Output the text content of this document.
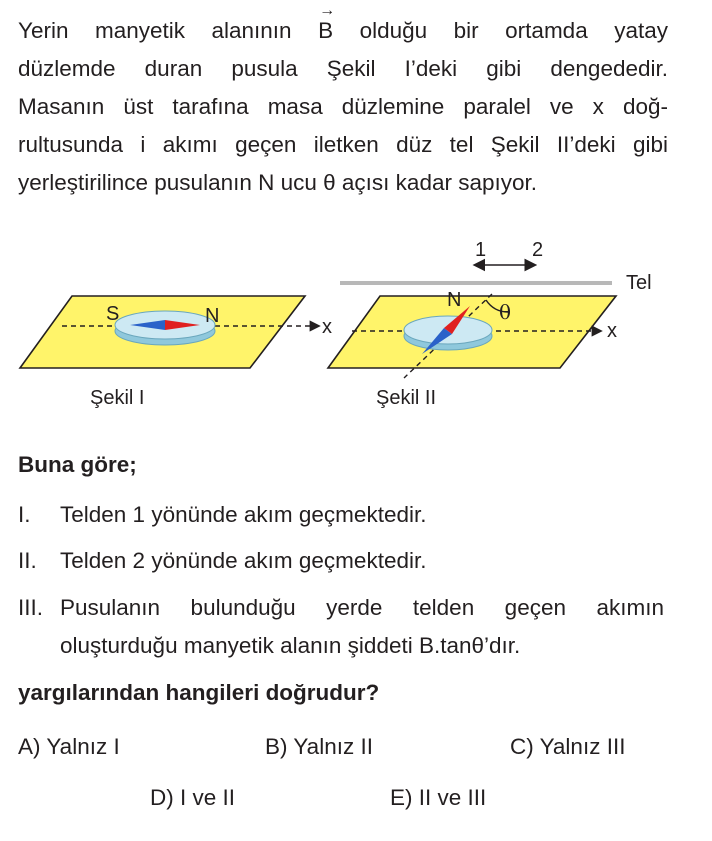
Yerin manyetik alanının
→
B olduğu bir ortamda yatay
düzlemde duran pusula Şekil I’deki gibi dengededir.
Masanın üst tarafına masa düzlemine paralel ve x doğ-
rultusunda i akımı geçen iletken düz tel Şekil II’deki gibi
yerleştirilince pusulanın N ucu θ açısı kadar sapıyor.
S	N	x
1 2
Tel
N θ
x
Şekil I	Şekil II
Buna göre;
I. Telden 1 yönünde akım geçmektedir.
II. Telden 2 yönünde akım geçmektedir.
III. Pusulanın bulunduğu yerde telden geçen akımın
oluşturduğu manyetik alanın şiddeti B.tanθ’dır.
yargılarından hangileri doğrudur?
A) Yalnız I	B) Yalnız II	C) Yalnız III
D) I ve II	E) II ve III
